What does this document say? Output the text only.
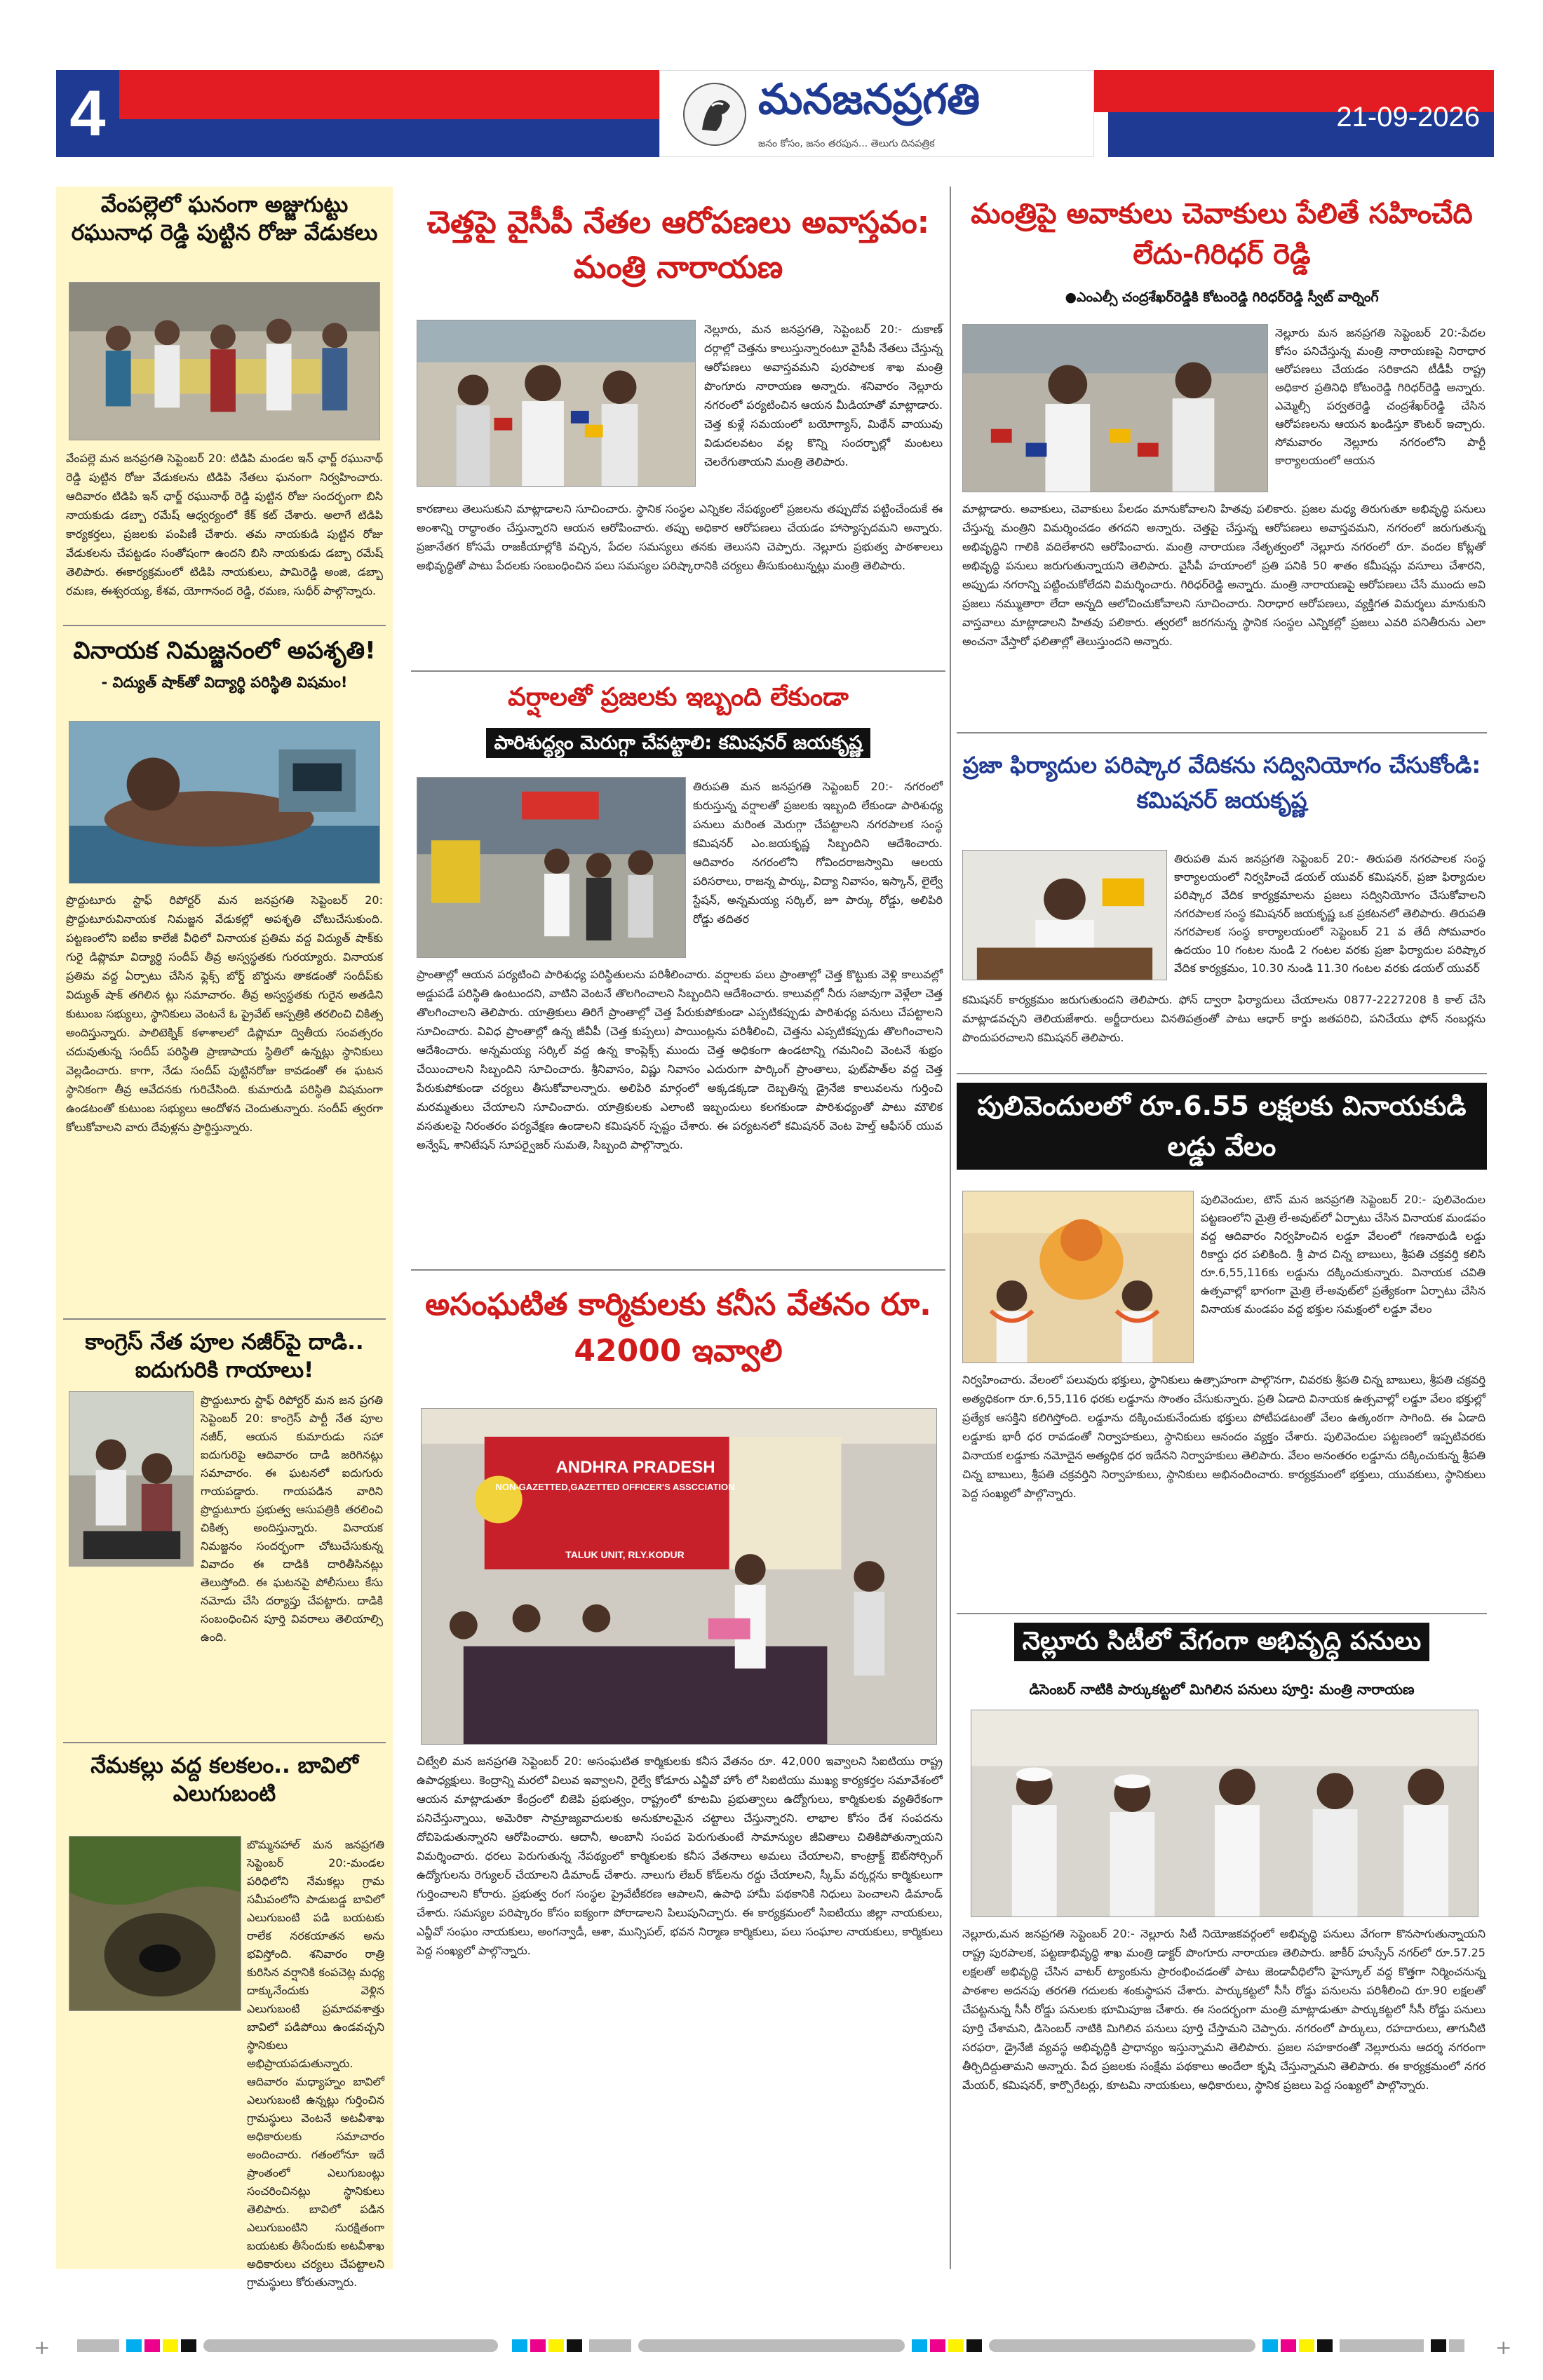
4	మనజనప్రగతి
జనం కోసం, జనం తరపున... తెలుగు దినపత్రిక
21-09-2026
వేంపల్లెలో ఘనంగా అజ్జుగుట్టు రఘునాధ రెడ్డి పుట్టిన రోజు వేడుకలు
వేంపల్లె మన జనప్రగతి సెప్టెంబర్ 20: టిడిపి మండల ఇన్ ఛార్జ్ రఘునాథ్ రెడ్డి పుట్టిన రోజు వేడుకలను టిడిపి నేతలు ఘనంగా నిర్వహించారు. ఆదివారం టిడిపి ఇన్ ఛార్జ్ రఘునాథ్ రెడ్డి పుట్టిన రోజు సందర్భంగా బిసి నాయకుడు డబ్బా రమేష్ ఆధ్వర్యంలో కేక్ కట్ చేశారు. అలాగే టిడిపి కార్యకర్తలు, ప్రజలకు పంపిణీ చేశారు. తమ నాయకుడి పుట్టిన రోజు వేడుకలను చేపట్టడం సంతోషంగా ఉందని బిసి నాయకుడు డబ్బా రమేష్ తెలిపారు. ఈకార్యక్రమంలో టిడిపి నాయకులు, పామిరెడ్డి అంజి, డబ్బా రమణ, ఈశ్వరయ్య, కేశవ, యోగానంద రెడ్డి, రమణ, సుధీర్ పాల్గొన్నారు.
వినాయక నిమజ్జనంలో అపశృతి!
- విద్యుత్ షాక్‌తో విద్యార్థి పరిస్థితి విషమం!
ప్రొద్దుటూరు స్టాఫ్ రిపోర్టర్ మన జనప్రగతి సెప్టెంబర్ 20: ప్రొద్దుటూరువినాయక నిమజ్జన వేడుకల్లో అపశృతి చోటుచేసుకుంది. పట్టణంలోని ఐటీఐ కాలేజీ వీధిలో వినాయక ప్రతిమ వద్ద విద్యుత్ షాక్‌కు గురై డిప్లొమా విద్యార్థి సందీప్ తీవ్ర అస్వస్థతకు గురయ్యారు. వినాయక ప్రతిమ వద్ద ఏర్పాటు చేసిన ఫ్లెక్స్ బోర్డ్ బొర్డును తాకడంతో సందీప్‌కు విద్యుత్ షాక్ తగిలిన ట్లు సమాచారం. తీవ్ర అస్వస్థతకు గురైన అతడిని కుటుంబ సభ్యులు, స్థానికులు వెంటనే ఓ ప్రైవేట్ ఆస్పత్రికి తరలించి చికిత్స అందిస్తున్నారు. పాలిటెక్నిక్ కళాశాలలో డిప్లొమా ద్వితీయ సంవత్సరం చదువుతున్న సందీప్ పరిస్థితి ప్రాణాపాయ స్థితిలో ఉన్నట్లు స్థానికులు వెల్లడించారు. కాగా, నేడు సందీప్ పుట్టినరోజు కావడంతో ఈ ఘటన స్థానికంగా తీవ్ర ఆవేదనకు గురిచేసింది. కుమారుడి పరిస్థితి విషమంగా ఉండటంతో కుటుంబ సభ్యులు ఆందోళన చెందుతున్నారు. సందీప్ త్వరగా కోలుకోవాలని వారు దేవుళ్లను ప్రార్థిస్తున్నారు.
కాంగ్రెస్ నేత పూల నజీర్‌పై దాడి.. ఐదుగురికి గాయాలు!
ప్రొద్దుటూరు స్టాఫ్ రిపోర్టర్ మన జన ప్రగతి సెప్టెంబర్ 20: కాంగ్రెస్ పార్టీ నేత పూల నజీర్, ఆయన కుమారుడు సహా ఐదుగురిపై ఆదివారం దాడి జరిగినట్లు సమాచారం. ఈ ఘటనలో ఐదుగురు గాయపడ్డారు. గాయపడిన వారిని ప్రొద్దుటూరు ప్రభుత్వ ఆసుపత్రికి తరలించి చికిత్స అందిస్తున్నారు. వినాయక నిమజ్జనం సందర్భంగా చోటుచేసుకున్న వివాదం ఈ దాడికి దారితీసినట్లు తెలుస్తోంది. ఈ ఘటనపై పోలీసులు కేసు నమోదు చేసి దర్యాప్తు చేపట్టారు. దాడికి సంబంధించిన పూర్తి వివరాలు తెలియాల్సి ఉంది.
నేమకల్లు వద్ద కలకలం.. బావిలో ఎలుగుబంటి
బొమ్మనహాల్ మన జనప్రగతి సెప్టెంబర్ 20:-మండల పరిధిలోని నేమకల్లు గ్రామ సమీపంలోని పాడుబడ్డ బావిలో ఎలుగుబంటి పడి బయటకు రాలేక నరకయాతన అను భవిస్తోంది. శనివారం రాత్రి కురిసిన వర్షానికి కంపచెట్ల మధ్య దాక్కునేందుకు వెళ్లిన ఎలుగుబంటి ప్రమాదవశాత్తు బావిలో పడిపోయి ఉండవచ్చని స్థానికులు అభిప్రాయపడుతున్నారు. ఆదివారం మధ్యాహ్నం బావిలో ఎలుగుబంటి ఉన్నట్లు గుర్తించిన గ్రామస్థులు వెంటనే అటవీశాఖ అధికారులకు సమాచారం అందించారు. గతంలోనూ ఇదే ప్రాంతంలో ఎలుగుబంట్లు సంచరించినట్లు స్థానికులు తెలిపారు. బావిలో పడిన ఎలుగుబంటిని సురక్షితంగా బయటకు తీసేందుకు అటవీశాఖ అధికారులు చర్యలు చేపట్టాలని గ్రామస్థులు కోరుతున్నారు.
చెత్తపై వైసీపీ నేతల ఆరోపణలు అవాస్తవం: మంత్రి నారాయణ
నెల్లూరు, మన జనప్రగతి, సెప్టెంబర్ 20:- దుకాణ్ దర్గాల్లో చెత్తను కాలుస్తున్నారంటూ వైసీపీ నేతలు చేస్తున్న ఆరోపణలు అవాస్తవమని పురపాలక శాఖ మంత్రి పొంగూరు నారాయణ అన్నారు. శనివారం నెల్లూరు నగరంలో పర్యటించిన ఆయన మీడియాతో మాట్లాడారు. చెత్త కుళ్లే సమయంలో బయోగ్యాస్, మిథేన్ వాయువు విడుదలవటం వల్ల కొన్ని సందర్భాల్లో మంటలు చెలరేగుతాయని మంత్రి తెలిపారు.
కారణాలు తెలుసుకుని మాట్లాడాలని సూచించారు. స్థానిక సంస్థల ఎన్నికల నేపథ్యంలో ప్రజలను తప్పుదోవ పట్టించేందుకే ఈ అంశాన్ని రాద్ధాంతం చేస్తున్నారని ఆయన ఆరోపించారు. తప్పు అధికార ఆరోపణలు చేయడం హాస్యాస్పదమని అన్నారు. ప్రజానేతగ కోసమే రాజకీయాల్లోకి వచ్చిన, పేదల సమస్యలు తనకు తెలుసని చెప్పారు. నెల్లూరు ప్రభుత్వ పాఠశాలలు అభివృద్ధితో పాటు పేదలకు సంబంధించిన పలు సమస్యల పరిష్కారానికి చర్యలు తీసుకుంటున్నట్లు మంత్రి తెలిపారు.
వర్షాలతో ప్రజలకు ఇబ్బంది లేకుండా
పారిశుద్ధ్యం మెరుగ్గా చేపట్టాలి: కమిషనర్ జయకృష్ణ
తిరుపతి మన జనప్రగతి సెప్టెంబర్ 20:- నగరంలో కురుస్తున్న వర్షాలతో ప్రజలకు ఇబ్బంది లేకుండా పారిశుధ్య పనులు మరింత మెరుగ్గా చేపట్టాలని నగరపాలక సంస్థ కమిషనర్ ఎం.జయకృష్ణ సిబ్బందిని ఆదేశించారు. ఆదివారం నగరంలోని గోవిందరాజస్వామి ఆలయ పరిసరాలు, రాజన్న పార్కు, విద్యా నివాసం, ఇస్కాన్, లైల్వే స్టేషన్, అన్నమయ్య సర్కిల్, జూ పార్కు రోడ్డు, అలిపిరి రోడ్డు తదితర
ప్రాంతాల్లో ఆయన పర్యటించి పారిశుధ్య పరిస్థితులను పరిశీలించారు. వర్షాలకు పలు ప్రాంతాల్లో చెత్త కొట్టుకు వెళ్లి కాలువల్లో అడ్డుపడే పరిస్థితి ఉంటుందని, వాటిని వెంటనే తొలగించాలని సిబ్బందిని ఆదేశించారు. కాలువల్లో నీరు సజావుగా వెళ్లేలా చెత్త తొలగించాలని తెలిపారు. యాత్రికులు తిరిగే ప్రాంతాల్లో చెత్త పేరుకుపోకుండా ఎప్పటికప్పుడు పారిశుధ్య పనులు చేపట్టాలని సూచించారు. వివిధ ప్రాంతాల్లో ఉన్న జీవీపీ (చెత్త కుప్పలు) పాయింట్లను పరిశీలించి, చెత్తను ఎప్పటికప్పుడు తొలగించాలని ఆదేశించారు. అన్నమయ్య సర్కిల్ వద్ద ఉన్న కాంప్లెక్స్ ముందు చెత్త అధికంగా ఉండటాన్ని గమనించి వెంటనే శుభ్రం చేయించాలని సిబ్బందిని సూచించారు. శ్రీనివాసం, విష్ణు నివాసం ఎదురుగా పార్కింగ్ ప్రాంతాలు, ఫుట్‌పాత్‌ల వద్ద చెత్త పేరుకుపోకుండా చర్యలు తీసుకోవాలన్నారు. అలిపిరి మార్గంలో అక్కడక్కడా దెబ్బతిన్న డ్రైనేజి కాలువలను గుర్తించి మరమ్మతులు చేయాలని సూచించారు. యాత్రికులకు ఎలాంటి ఇబ్బందులు కలగకుండా పారిశుధ్యంతో పాటు మౌలిక వసతులపై నిరంతరం పర్యవేక్షణ ఉండాలని కమిషనర్ స్పష్టం చేశారు. ఈ పర్యటనలో కమిషనర్ వెంట హెల్త్ ఆఫీసర్ యువ అన్వేష్, శానిటేషన్ సూపర్వైజర్ సుమతి, సిబ్బంది పాల్గొన్నారు.
అసంఘటిత కార్మికులకు కనీస వేతనం రూ. 42000 ఇవ్వాలి
ANDHRA PRADESH
NON-GAZETTED,GAZETTED OFFICER'S ASSCCIATION
TALUK UNIT, RLY.KODUR
చిట్వేలి మన జనప్రగతి సెప్టెంబర్ 20: అసంఘటిత కార్మికులకు కనీస వేతనం రూ. 42,000 ఇవ్వాలని సిఐటియు రాష్ట్ర ఉపాధ్యక్షులు. కెంద్రాన్ని మరలో విలువ ఇవ్వాలని, రైల్వే కోడూరు ఎన్జీవో హోం లో సిఐటియు ముఖ్య కార్యకర్తల సమావేశంలో ఆయన మాట్లాడుతూ కేంద్రంలో బిజెపి ప్రభుత్వం, రాష్ట్రంలో కూటమి ప్రభుత్వాలు ఉద్యోగులు, కార్మికులకు వ్యతిరేకంగా పనిచేస్తున్నాయి, అమెరికా సామ్రాజ్యవాదులకు అనుకూలమైన చట్టాలు చేస్తున్నారని. లాభాల కోసం దేశ సంపదను దోచిపెడుతున్నారని ఆరోపించారు. ఆదానీ, అంబానీ సంపద పెరుగుతుంటే సామాన్యుల జీవితాలు చితికిపోతున్నాయని విమర్శించారు. ధరలు పెరుగుతున్న నేపథ్యంలో కార్మికులకు కనీస వేతనాలు అమలు చేయాలని, కాంట్రాక్ట్ ఔట్‌సోర్సింగ్ ఉద్యోగులను రెగ్యులర్ చేయాలని డిమాండ్ చేశారు. నాలుగు లేబర్ కోడ్‌లను రద్దు చేయాలని, స్కీమ్ వర్కర్లను కార్మికులుగా గుర్తించాలని కోరారు. ప్రభుత్వ రంగ సంస్థల ప్రైవేటీకరణ ఆపాలని, ఉపాధి హామీ పథకానికి నిధులు పెంచాలని డిమాండ్ చేశారు. సమస్యల పరిష్కారం కోసం ఐక్యంగా పోరాడాలని పిలుపునిచ్చారు. ఈ కార్యక్రమంలో సిఐటియు జిల్లా నాయకులు, ఎన్జీవో సంఘం నాయకులు, అంగన్వాడీ, ఆశా, మున్సిపల్, భవన నిర్మాణ కార్మికులు, పలు సంఘాల నాయకులు, కార్మికులు పెద్ద సంఖ్యలో పాల్గొన్నారు.
మంత్రిపై అవాకులు చెవాకులు పేలితే సహించేది లేదు-గిరిధర్ రెడ్డి
●ఎంఎల్సీ చంద్రశేఖర్‌రెడ్డికి కోటంరెడ్డి గిరిధర్‌రెడ్డి స్వీట్ వార్నింగ్
నెల్లూరు మన జనప్రగతి సెప్టెంబర్ 20:-పేదల కోసం పనిచేస్తున్న మంత్రి నారాయణపై నిరాధార ఆరోపణలు చేయడం సరికాదని టీడీపీ రాష్ట్ర అధికార ప్రతినిధి కోటంరెడ్డి గిరిధర్‌రెడ్డి అన్నారు. ఎమ్మెల్సీ పర్వతరెడ్డి చంద్రశేఖర్‌రెడ్డి చేసిన ఆరోపణలను ఆయన ఖండిస్తూ కౌంటర్ ఇచ్చారు. సోమవారం నెల్లూరు నగరంలోని పార్టీ కార్యాలయంలో ఆయన
మాట్లాడారు. అవాకులు, చెవాకులు పేలడం మానుకోవాలని హితవు పలికారు. ప్రజల మధ్య తిరుగుతూ అభివృద్ధి పనులు చేస్తున్న మంత్రిని విమర్శించడం తగదని అన్నారు. చెత్తపై చేస్తున్న ఆరోపణలు అవాస్తవమని, నగరంలో జరుగుతున్న అభివృద్ధిని గాలికి వదిలేశారని ఆరోపించారు. మంత్రి నారాయణ నేతృత్వంలో నెల్లూరు నగరంలో రూ. వందల కోట్లతో అభివృద్ధి పనులు జరుగుతున్నాయని తెలిపారు. వైసీపీ హయాంలో ప్రతి పనికి 50 శాతం కమీషన్లు వసూలు చేశారని, అప్పుడు నగరాన్ని పట్టించుకోలేదని విమర్శించారు. గిరిధర్‌రెడ్డి అన్నారు. మంత్రి నారాయణపై ఆరోపణలు చేసే ముందు అవి ప్రజలు నమ్ముతారా లేదా అన్నది ఆలోచించుకోవాలని సూచించారు. నిరాధార ఆరోపణలు, వ్యక్తిగత విమర్శలు మానుకుని వాస్తవాలు మాట్లాడాలని హితవు పలికారు. త్వరలో జరగనున్న స్థానిక సంస్థల ఎన్నికల్లో ప్రజలు ఎవరి పనితీరును ఎలా అంచనా వేస్తారో ఫలితాల్లో తెలుస్తుందని అన్నారు.
ప్రజా ఫిర్యాదుల పరిష్కార వేదికను సద్వినియోగం చేసుకోండి: కమిషనర్ జయకృష్ణ
తిరుపతి మన జనప్రగతి సెప్టెంబర్ 20:- తిరుపతి నగరపాలక సంస్థ కార్యాలయంలో నిర్వహించే డయల్ యువర్ కమిషనర్, ప్రజా ఫిర్యాదుల పరిష్కార వేదిక కార్యక్రమాలను ప్రజలు సద్వినియోగం చేసుకోవాలని నగరపాలక సంస్థ కమిషనర్ జయకృష్ణ ఒక ప్రకటనలో తెలిపారు. తిరుపతి నగరపాలక సంస్థ కార్యాలయంలో సెప్టెంబర్ 21 వ తేదీ సోమవారం ఉదయం 10 గంటల నుండి 2 గంటల వరకు ప్రజా ఫిర్యాదుల పరిష్కార వేదిక కార్యక్రమం, 10.30 నుండి 11.30 గంటల వరకు డయల్ యువర్
కమిషనర్ కార్యక్రమం జరుగుతుందని తెలిపారు. ఫోన్ ద్వారా ఫిర్యాదులు చేయాలను 0877-2227208 కి కాల్ చేసి మాట్లాడవచ్చని తెలియజేశారు. అర్జీదారులు వినతిపత్రంతో పాటు ఆధార్ కార్డు జతపరిచి, పనిచేయు ఫోన్ నంబర్లను పొందుపరచాలని కమిషనర్ తెలిపారు.
పులివెందులలో రూ.6.55 లక్షలకు వినాయకుడి లడ్డు వేలం
పులివెందుల, టౌన్ మన జనప్రగతి సెప్టెంబర్ 20:- పులివెందుల పట్టణంలోని మైత్రి లే-అవుట్‌లో ఏర్పాటు చేసిన వినాయక మండపం వద్ద ఆదివారం నిర్వహించిన లడ్డూ వేలంలో గణనాథుడి లడ్డు రికార్డు ధర పలికింది. శ్రీ పాద చిన్న బాబులు, శ్రీపతి చక్రవర్తి కలిసి రూ.6,55,116కు లడ్డును దక్కించుకున్నారు. వినాయక చవితి ఉత్సవాల్లో భాగంగా మైత్రి లే-అవుట్‌లో ప్రత్యేకంగా ఏర్పాటు చేసిన వినాయక మండపం వద్ద భక్తుల సమక్షంలో లడ్డూ వేలం
నిర్వహించారు. వేలంలో పలువురు భక్తులు, స్థానికులు ఉత్సాహంగా పాల్గొనగా, చివరకు శ్రీపతి చిన్న బాబులు, శ్రీపతి చక్రవర్తి అత్యధికంగా రూ.6,55,116 ధరకు లడ్డూను సొంతం చేసుకున్నారు. ప్రతి ఏడాది వినాయక ఉత్సవాల్లో లడ్డూ వేలం భక్తుల్లో ప్రత్యేక ఆసక్తిని కలిగిస్తోంది. లడ్డూను దక్కించుకునేందుకు భక్తులు పోటీపడటంతో వేలం ఉత్కంఠగా సాగింది. ఈ ఏడాది లడ్డూకు భారీ ధర రావడంతో నిర్వాహకులు, స్థానికులు ఆనందం వ్యక్తం చేశారు. పులివెందుల పట్టణంలో ఇప్పటివరకు వినాయక లడ్డూకు నమోదైన అత్యధిక ధర ఇదేనని నిర్వాహకులు తెలిపారు. వేలం అనంతరం లడ్డూను దక్కించుకున్న శ్రీపతి చిన్న బాబులు, శ్రీపతి చక్రవర్తిని నిర్వాహకులు, స్థానికులు అభినందించారు. కార్యక్రమంలో భక్తులు, యువకులు, స్థానికులు పెద్ద సంఖ్యలో పాల్గొన్నారు.
నెల్లూరు సిటీలో వేగంగా అభివృద్ధి పనులు
డిసెంబర్ నాటికి పార్కుకట్టలో మిగిలిన పనులు పూర్తి: మంత్రి నారాయణ
నెల్లూరు,మన జనప్రగతి సెప్టెంబర్ 20:- నెల్లూరు సిటీ నియోజకవర్గంలో అభివృద్ధి పనులు వేగంగా కొనసాగుతున్నాయని రాష్ట్ర పురపాలక, పట్టణాభివృద్ధి శాఖ మంత్రి డాక్టర్ పొంగూరు నారాయణ తెలిపారు. జాకీర్ హుస్సేన్ నగర్‌లో రూ.57.25 లక్షలతో అభివృద్ధి చేసిన వాటర్ ట్యాంకును ప్రారంభించడంతో పాటు జెండావీధిలోని హైస్కూల్ వద్ద కొత్తగా నిర్మించనున్న పాఠశాల అదనపు తరగతి గదులకు శంకుస్థాపన చేశారు. పార్కుకట్టలో సీసీ రోడ్డు పనులను పరిశీలించి రూ.90 లక్షలతో చేపట్టనున్న సీసీ రోడ్డు పనులకు భూమిపూజ చేశారు. ఈ సందర్భంగా మంత్రి మాట్లాడుతూ పార్కుకట్టలో సీసీ రోడ్డు పనులు పూర్తి చేశామని, డిసెంబర్ నాటికి మిగిలిన పనులు పూర్తి చేస్తామని చెప్పారు. నగరంలో పార్కులు, రహదారులు, తాగునీటి సరఫరా, డ్రైనేజీ వ్యవస్థ అభివృద్ధికి ప్రాధాన్యం ఇస్తున్నామని తెలిపారు. ప్రజల సహకారంతో నెల్లూరును ఆదర్శ నగరంగా తీర్చిదిద్దుతామని అన్నారు. పేద ప్రజలకు సంక్షేమ పథకాలు అందేలా కృషి చేస్తున్నామని తెలిపారు. ఈ కార్యక్రమంలో నగర మేయర్, కమిషనర్, కార్పొరేటర్లు, కూటమి నాయకులు, అధికారులు, స్థానిక ప్రజలు పెద్ద సంఖ్యలో పాల్గొన్నారు.
+	+
